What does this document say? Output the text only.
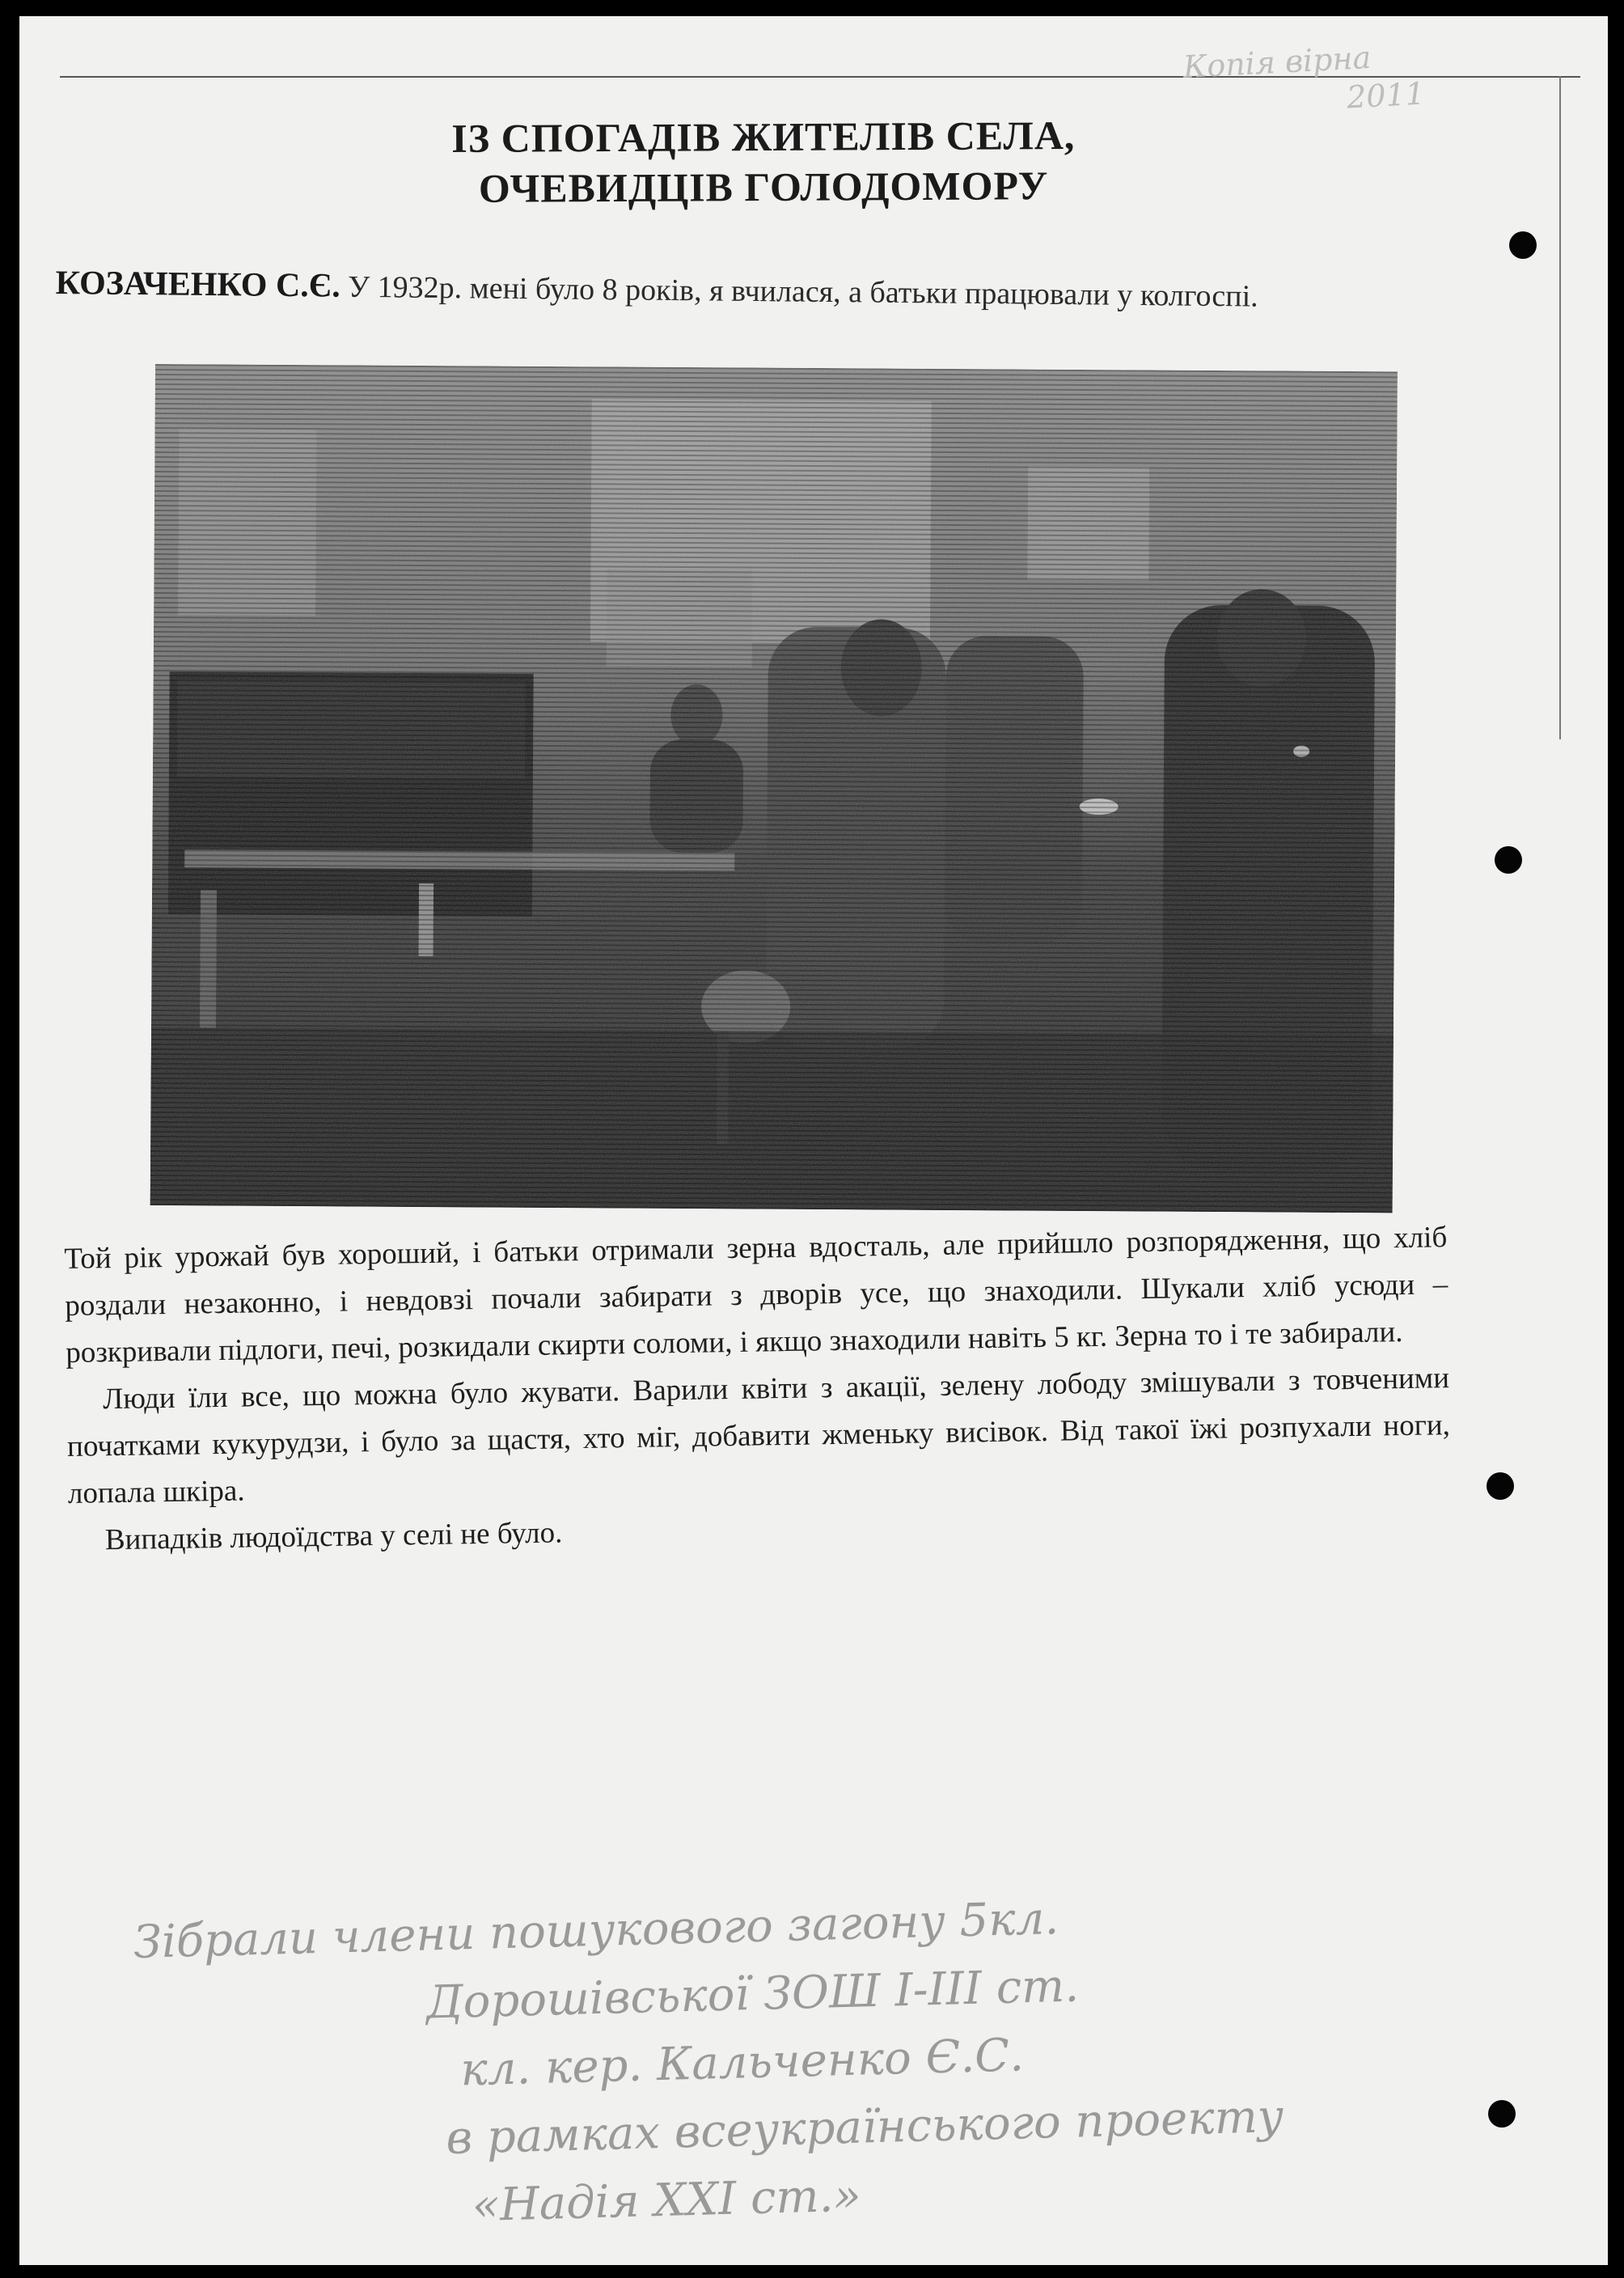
Копія вірна
2011
ІЗ СПОГАДІВ ЖИТЕЛІВ СЕЛА,
ОЧЕВИДЦІВ ГОЛОДОМОРУ
КОЗАЧЕНКО С.Є. У 1932р. мені було 8 років, я вчилася, а батьки працювали у колгоспі.

Той рік урожай був хороший, і батьки отримали зерна вдосталь, але прийшло розпорядження, що хліб роздали незаконно, і невдовзі почали забирати з дворів усе, що знаходили. Шукали хліб усюди – розкривали підлоги, печі, розкидали скирти соломи, і якщо знаходили навіть 5 кг. Зерна то і те забирали.

Люди їли все, що можна було жувати. Варили квіти з акації, зелену лободу змішували з товченими початками кукурудзи, і було за щастя, хто міг, добавити жменьку висівок. Від такої їжі розпухали ноги, лопала шкіра.

Випадків людоїдства у селі не було.

Зібрали члени пошукового загону 5кл.
Дорошівської ЗОШ І-ІІІ ст.
кл. кер. Кальченко Є.С.
в рамках всеукраїнського проекту
«Надія ХХІ ст.»
